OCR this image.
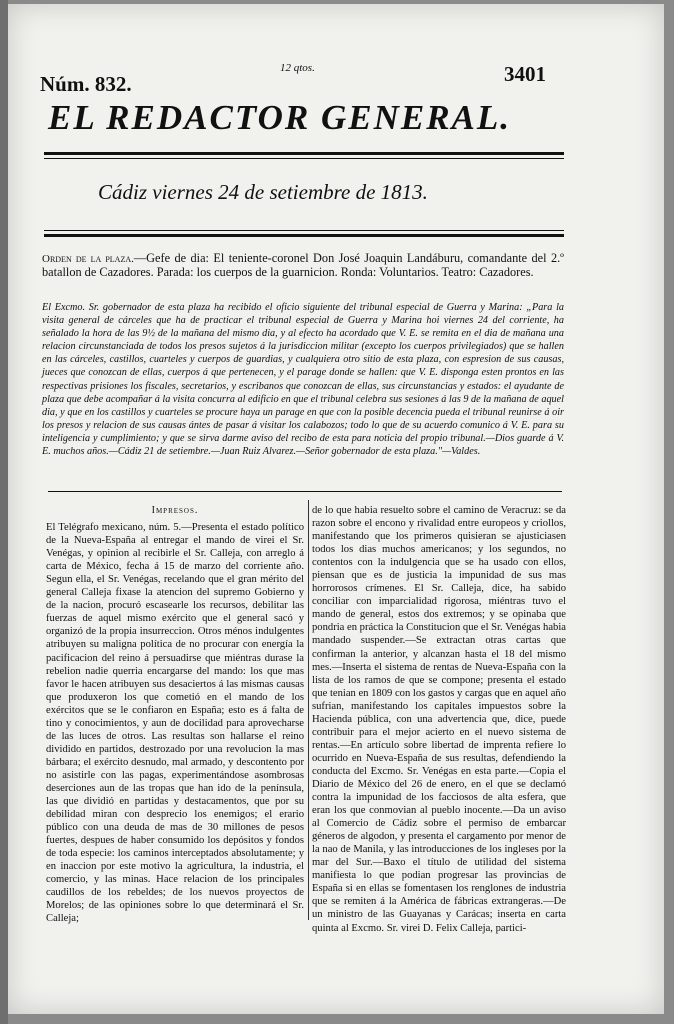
Núm. 832.
12 qtos.	3401
EL REDACTOR GENERAL.
Cádiz viernes 24 de setiembre de 1813.
Orden de la plaza.—Gefe de dia: El teniente-coronel Don José Joaquin Landáburu, comandante del 2.º batallon de Cazadores. Parada: los cuerpos de la guarnicion. Ronda: Voluntarios. Teatro: Cazadores.
El Excmo. Sr. gobernador de esta plaza ha recibido el oficio siguiente del tribunal especial de Guerra y Marina: „Para la visita general de cárceles que ha de practicar el tribunal especial de Guerra y Marina hoi viernes 24 del corriente, ha señalado la hora de las 9½ de la mañana del mismo dia, y al efecto ha acordado que V. E. se remita en el dia de mañana una relacion circunstanciada de todos los presos sujetos á la jurisdiccion militar (excepto los cuerpos privilegiados) que se hallen en las cárceles, castillos, cuarteles y cuerpos de guardias, y cualquiera otro sitio de esta plaza, con espresion de sus causas, jueces que conozcan de ellas, cuerpos á que pertenecen, y el parage donde se hallen: que V. E. disponga esten prontos en las respectivas prisiones los fiscales, secretarios, y escribanos que conozcan de ellas, sus circunstancias y estados: el ayudante de plaza que debe acompañar á la visita concurra al edificio en que el tribunal celebra sus sesiones á las 9 de la mañana de aquel dia, y que en los castillos y cuarteles se procure haya un parage en que con la posible decencia pueda el tribunal reunirse á oir los presos y relacion de sus causas ántes de pasar á visitar los calabozos; todo lo que de su acuerdo comunico á V. E. para su inteligencia y cumplimiento; y que se sirva darme aviso del recibo de esta para noticia del propio tribunal.—Dios guarde á V. E. muchos años.—Cádiz 21 de setiembre.—Juan Ruiz Alvarez.—Señor gobernador de esta plaza."—Valdes.

Impresos.

El Telégrafo mexicano, núm. 5.—Presenta el estado político de la Nueva-España al entregar el mando de virei el Sr. Venégas, y opinion al recibirle el Sr. Calleja, con arreglo á carta de México, fecha á 15 de marzo del corriente año. Segun ella, el Sr. Venégas, recelando que el gran mérito del general Calleja fixase la atencion del supremo Gobierno y de la nacion, procuró escasearle los recursos, debilitar las fuerzas de aquel mismo exército que el general sacó y organizó de la propia insurreccion. Otros ménos indulgentes atribuyen su maligna política de no procurar con energía la pacificacion del reino á persuadirse que miéntras durase la rebelion nadie querria encargarse del mando: los que mas favor le hacen atribuyen sus desaciertos á las mismas causas que produxeron los que cometió en el mando de los exércitos que se le confiaron en España; esto es á falta de tino y conocimientos, y aun de docilidad para aprovecharse de las luces de otros. Las resultas son hallarse el reino dividido en partidos, destrozado por una revolucion la mas bárbara; el exército desnudo, mal armado, y descontento por no asistirle con las pagas, experimentándose asombrosas deserciones aun de las tropas que han ido de la península, las que dividió en partidas y destacamentos, que por su debilidad miran con desprecio los enemigos; el erario público con una deuda de mas de 30 millones de pesos fuertes, despues de haber consumido los depósitos y fondos de toda especie: los caminos interceptados absolutamente; y en inaccion por este motivo la agricultura, la industria, el comercio, y las minas. Hace relacion de los principales caudillos de los rebeldes; de los nuevos proyectos de Morelos; de las opiniones sobre lo que determinará el Sr. Calleja;

de lo que habia resuelto sobre el camino de Veracruz: se da razon sobre el encono y rivalidad entre europeos y criollos, manifestando que los primeros quisieran se ajusticiasen todos los dias muchos americanos; y los segundos, no contentos con la indulgencia que se ha usado con ellos, piensan que es de justicia la impunidad de sus mas horrorosos crímenes. El Sr. Calleja, dice, ha sabido conciliar con imparcialidad rigorosa, miéntras tuvo el mando de general, estos dos extremos; y se opinaba que pondria en práctica la Constitucion que el Sr. Venégas habia mandado suspender.—Se extractan otras cartas que confirman la anterior, y alcanzan hasta el 18 del mismo mes.—Inserta el sistema de rentas de Nueva-España con la lista de los ramos de que se compone; presenta el estado que tenian en 1809 con los gastos y cargas que en aquel año sufrian, manifestando los capitales impuestos sobre la Hacienda pública, con una advertencia que, dice, puede contribuir para el mejor acierto en el nuevo sistema de rentas.—En artículo sobre libertad de imprenta refiere lo ocurrido en Nueva-España de sus resultas, defendiendo la conducta del Excmo. Sr. Venégas en esta parte.—Copia el Diario de México del 26 de enero, en el que se declamó contra la impunidad de los facciosos de alta esfera, que eran los que conmovian al pueblo inocente.—Da un aviso al Comercio de Cádiz sobre el permiso de embarcar géneros de algodon, y presenta el cargamento por menor de la nao de Manila, y las introducciones de los ingleses por la mar del Sur.—Baxo el título de utilidad del sistema manifiesta lo que podian progresar las provincias de España si en ellas se fomentasen los renglones de industria que se remiten á la América de fábricas extrangeras.—De un ministro de las Guayanas y Carácas; inserta en carta quinta al Excmo. Sr. virei D. Felix Calleja, partici-
